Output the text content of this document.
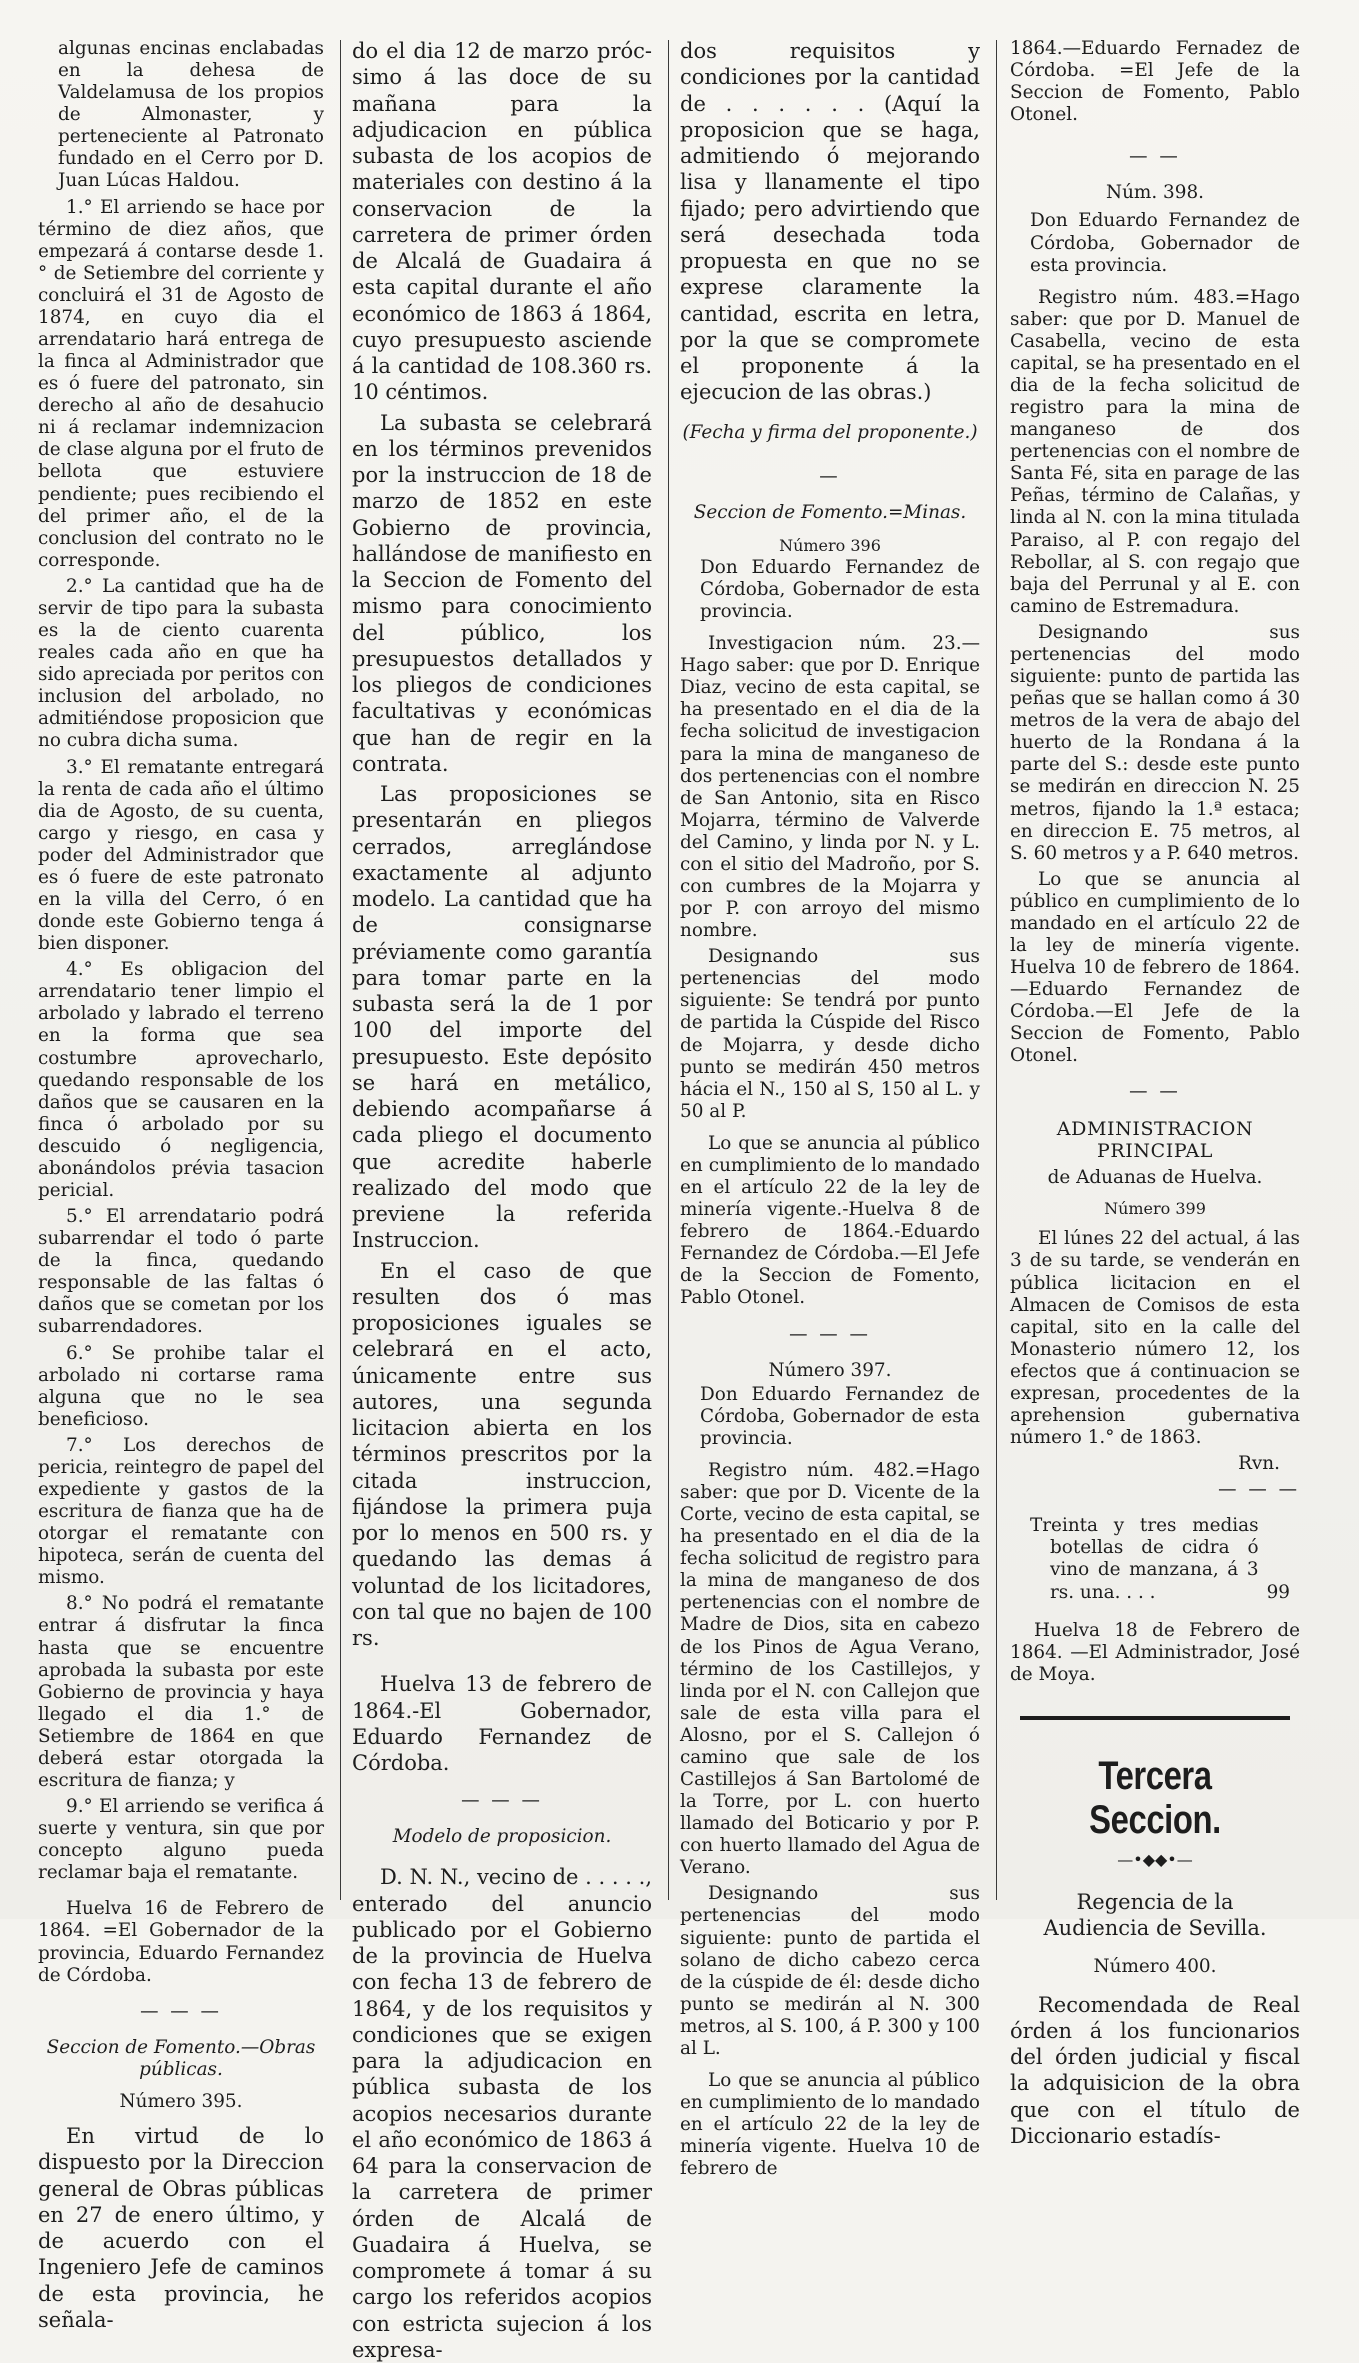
algunas encinas enclabadas en la dehesa de Valdelamusa de los propios de Almonaster, y perteneciente al Patronato fundado en el Cerro por D. Juan Lúcas Haldou.

1.° El arriendo se hace por término de diez años, que empezará á contarse desde 1.° de Setiembre del corriente y concluirá el 31 de Agosto de 1874, en cuyo dia el arrendatario hará entrega de la finca al Administrador que es ó fuere del patronato, sin derecho al año de desahucio ni á reclamar indemnizacion de clase alguna por el fruto de bellota que estuviere pendiente; pues recibiendo el del primer año, el de la conclusion del contrato no le corresponde.

2.° La cantidad que ha de servir de tipo para la subasta es la de ciento cuarenta reales cada año en que ha sido apreciada por peritos con inclusion del arbolado, no admitiéndose proposicion que no cubra dicha suma.

3.° El rematante entregará la renta de cada año el último dia de Agosto, de su cuenta, cargo y riesgo, en casa y poder del Administrador que es ó fuere de este patronato en la villa del Cerro, ó en donde este Gobierno tenga á bien disponer.

4.° Es obligacion del arrendatario tener limpio el arbolado y labrado el terreno en la forma que sea costumbre aprovecharlo, quedando responsable de los daños que se causaren en la finca ó arbolado por su descuido ó negligencia, abonándolos prévia tasacion pericial.

5.° El arrendatario podrá subarrendar el todo ó parte de la finca, quedando responsable de las faltas ó daños que se cometan por los subarrendadores.

6.° Se prohibe talar el arbolado ni cortarse rama alguna que no le sea beneficioso.

7.° Los derechos de pericia, reintegro de papel del expediente y gastos de la escritura de fianza que ha de otorgar el rematante con hipoteca, serán de cuenta del mismo.

8.° No podrá el rematante entrar á disfrutar la finca hasta que se encuentre aprobada la subasta por este Gobierno de provincia y haya llegado el dia 1.° de Setiembre de 1864 en que deberá estar otorgada la escritura de fianza; y

9.° El arriendo se verifica á suerte y ventura, sin que por concepto alguno pueda reclamar baja el rematante.

Huelva 16 de Febrero de 1864. =El Gobernador de la provincia, Eduardo Fernandez de Córdoba.

— — —

Seccion de Fomento.—Obras públicas.

Número 395.

En virtud de lo dispuesto por la Direccion general de Obras públicas en 27 de enero último, y de acuerdo con el Ingeniero Jefe de caminos de esta provincia, he señala-

do el dia 12 de marzo prócsimo á las doce de su mañana para la adjudicacion en pública subasta de los acopios de materiales con destino á la conservacion de la carretera de primer órden de Alcalá de Guadaira á esta capital durante el año económico de 1863 á 1864, cuyo presupuesto asciende á la cantidad de 108.360 rs. 10 céntimos.

La subasta se celebrará en los términos prevenidos por la instruccion de 18 de marzo de 1852 en este Gobierno de provincia, hallándose de manifiesto en la Seccion de Fomento del mismo para conocimiento del público, los presupuestos detallados y los pliegos de condiciones facultativas y económicas que han de regir en la contrata.

Las proposiciones se presentarán en pliegos cerrados, arreglándose exactamente al adjunto modelo. La cantidad que ha de consignarse préviamente como garantía para tomar parte en la subasta será la de 1 por 100 del importe del presupuesto. Este depósito se hará en metálico, debiendo acompañarse á cada pliego el documento que acredite haberle realizado del modo que previene la referida Instruccion.

En el caso de que resulten dos ó mas proposiciones iguales se celebrará en el acto, únicamente entre sus autores, una segunda licitacion abierta en los términos prescritos por la citada instruccion, fijándose la primera puja por lo menos en 500 rs. y quedando las demas á voluntad de los licitadores, con tal que no bajen de 100 rs.

Huelva 13 de febrero de 1864.-El Gobernador, Eduardo Fernandez de Córdoba.

— — —

Modelo de proposicion.

D. N. N., vecino de . . . . ., enterado del anuncio publicado por el Gobierno de la provincia de Huelva con fecha 13 de febrero de 1864, y de los requisitos y condiciones que se exigen para la adjudicacion en pública subasta de los acopios necesarios durante el año económico de 1863 á 64 para la conservacion de la carretera de primer órden de Alcalá de Guadaira á Huelva, se compromete á tomar á su cargo los referidos acopios con estricta sujecion á los expresa-

dos requisitos y condiciones por la cantidad de . . . . . . (Aquí la proposicion que se haga, admitiendo ó mejorando lisa y llanamente el tipo fijado; pero advirtiendo que será desechada toda propuesta en que no se exprese claramente la cantidad, escrita en letra, por la que se compromete el proponente á la ejecucion de las obras.)

(Fecha y firma del proponente.)

—

Seccion de Fomento.=Minas.

Número 396

Don Eduardo Fernandez de Córdoba, Gobernador de esta provincia.

Investigacion núm. 23.—Hago saber: que por D. Enrique Diaz, vecino de esta capital, se ha presentado en el dia de la fecha solicitud de investigacion para la mina de manganeso de dos pertenencias con el nombre de San Antonio, sita en Risco Mojarra, término de Valverde del Camino, y linda por N. y L. con el sitio del Madroño, por S. con cumbres de la Mojarra y por P. con arroyo del mismo nombre.

Designando sus pertenencias del modo siguiente: Se tendrá por punto de partida la Cúspide del Risco de Mojarra, y desde dicho punto se medirán 450 metros hácia el N., 150 al S, 150 al L. y 50 al P.

Lo que se anuncia al público en cumplimiento de lo mandado en el artículo 22 de la ley de minería vigente.-Huelva 8 de febrero de 1864.-Eduardo Fernandez de Córdoba.—El Jefe de la Seccion de Fomento, Pablo Otonel.

— — —

Número 397.

Don Eduardo Fernandez de Córdoba, Gobernador de esta provincia.

Registro núm. 482.=Hago saber: que por D. Vicente de la Corte, vecino de esta capital, se ha presentado en el dia de la fecha solicitud de registro para la mina de manganeso de dos pertenencias con el nombre de Madre de Dios, sita en cabezo de los Pinos de Agua Verano, término de los Castillejos, y linda por el N. con Callejon que sale de esta villa para el Alosno, por el S. Callejon ó camino que sale de los Castillejos á San Bartolomé de la Torre, por L. con huerto llamado del Boticario y por P. con huerto llamado del Agua de Verano.

Designando sus pertenencias del modo siguiente: punto de partida el solano de dicho cabezo cerca de la cúspide de él: desde dicho punto se medirán al N. 300 metros, al S. 100, á P. 300 y 100 al L.

Lo que se anuncia al público en cumplimiento de lo mandado en el artículo 22 de la ley de minería vigente. Huelva 10 de febrero de

1864.—Eduardo Fernadez de Córdoba. =El Jefe de la Seccion de Fomento, Pablo Otonel.

— —

Núm. 398.

Don Eduardo Fernandez de Córdoba, Gobernador de esta provincia.

Registro núm. 483.=Hago saber: que por D. Manuel de Casabella, vecino de esta capital, se ha presentado en el dia de la fecha solicitud de registro para la mina de manganeso de dos pertenencias con el nombre de Santa Fé, sita en parage de las Peñas, término de Calañas, y linda al N. con la mina titulada Paraiso, al P. con regajo del Rebollar, al S. con regajo que baja del Perrunal y al E. con camino de Estremadura.

Designando sus pertenencias del modo siguiente: punto de partida las peñas que se hallan como á 30 metros de la vera de abajo del huerto de la Rondana á la parte del S.: desde este punto se medirán en direccion N. 25 metros, fijando la 1.ª estaca; en direccion E. 75 metros, al S. 60 metros y a P. 640 metros.

Lo que se anuncia al público en cumplimiento de lo mandado en el artículo 22 de la ley de minería vigente. Huelva 10 de febrero de 1864.—Eduardo Fernandez de Córdoba.—El Jefe de la Seccion de Fomento, Pablo Otonel.

— —

ADMINISTRACION PRINCIPAL

de Aduanas de Huelva.

Número 399

El lúnes 22 del actual, á las 3 de su tarde, se venderán en pública licitacion en el Almacen de Comisos de esta capital, sito en la calle del Monasterio número 12, los efectos que á continuacion se expresan, procedentes de la aprehension gubernativa número 1.° de 1863.

Rvn.

— — —

Treinta y tres medias botellas de cidra ó vino de manzana, á 3 rs. una. . . .	99

Huelva 18 de Febrero de 1864. —El Administrador, José de Moya.

Tercera Seccion.

—•◆◆•—

Regencia de la Audiencia de Sevilla.

Número 400.

Recomendada de Real órden á los funcionarios del órden judicial y fiscal la adquisicion de la obra que con el título de Diccionario estadís-
